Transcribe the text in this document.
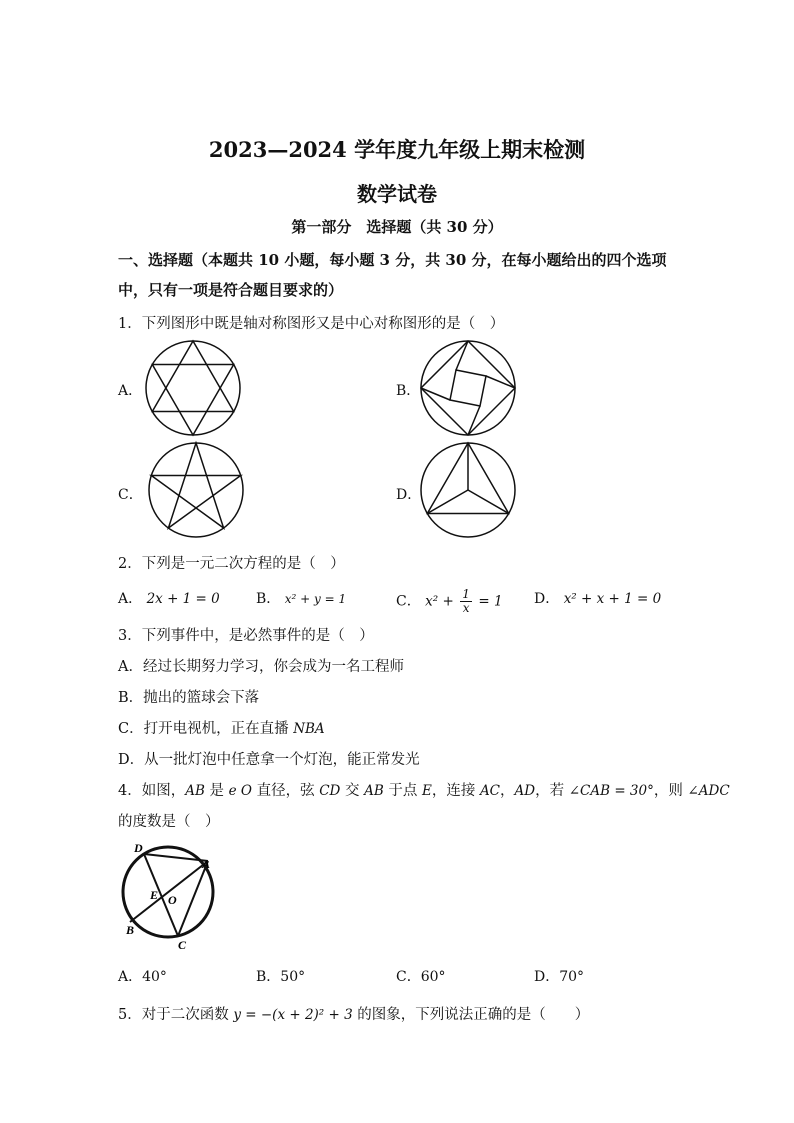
2023—2024 学年度九年级上期末检测
数学试卷
第一部分　选择题（共 30 分）
一、选择题（本题共 10 小题，每小题 3 分，共 30 分，在每小题给出的四个选项
中，只有一项是符合题目要求的）
1．下列图形中既是轴对称图形又是中心对称图形的是（　）
A．	B．
C．	D．
2．下列是一元二次方程的是（　）
A． 2x + 1 = 0	B． x² + y = 1	C． $x^2 + \frac{1}{x} = 1$ D． x² + x + 1 = 0
3．下列事件中，是必然事件的是（　）
A．经过长期努力学习，你会成为一名工程师
B．抛出的篮球会下落
C．打开电视机，正在直播 NBA
D．从一批灯泡中任意拿一个灯泡，能正常发光
4．如图，AB 是 e O 直径，弦 CD 交 AB 于点 E，连接 AC，AD，若 ∠CAB = 30°，则 ∠ADC
的度数是（　）
D
A
E O
B
C
A．40°	B．50°	C．60°	D．70°
5．对于二次函数 y = −(x + 2)² + 3 的图象，下列说法正确的是（　　）
